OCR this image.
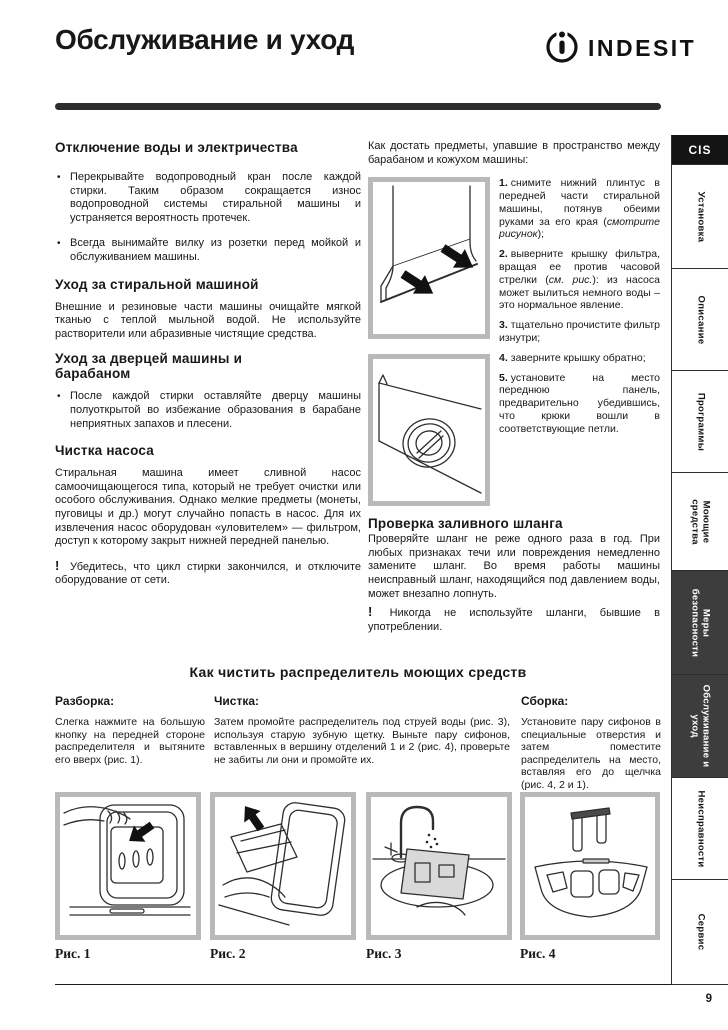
Обслуживание и уход	INDESIT
Отключение воды и электричества
• Перекрывайте водопроводный кран после каждой стирки. Таким образом сокращается износ водопроводной системы стиральной машины и устраняется вероятность протечек.
• Всегда вынимайте вилку из розетки перед мойкой и обслуживанием машины.
Уход за стиральной машиной

Внешние и резиновые части машины очищайте мягкой тканью с теплой мыльной водой. Не используйте растворители или абразивные чистящие средства.

Уход за дверцей машины и барабаном
• После каждой стирки оставляйте дверцу машины полуоткрытой во избежание образования в барабане неприятных запахов и плесени.
Чистка насоса

Стиральная машина имеет сливной насос самоочищающегося типа, который не требует очистки или особого обслуживания. Однако мелкие предметы (монеты, пуговицы и др.) могут случайно попасть в насос. Для их извлечения насос оборудован «уловителем» — фильтром, доступ к которому закрыт нижней передней панелью.

! Убедитесь, что цикл стирки закончился, и отключите оборудование от сети.

Как достать предметы, упавшие в пространство между барабаном и кожухом машины:

1. снимите нижний плинтус в передней части стиральной машины, потянув обеими руками за его края (смотрите рисунок);

2. выверните крышку фильтра, вращая ее против часовой стрелки (см. рис.): из насоса может вылиться немного воды – это нормальное явление.

3. тщательно прочистите фильтр изнутри;

4. заверните крышку обратно;

5. установите на место переднюю панель, предварительно убедившись, что крюки вошли в соответствующие петли.

Проверка заливного шланга

Проверяйте шланг не реже одного раза в год. При любых признаках течи или повреждения немедленно замените шланг. Во время работы машины неисправный шланг, находящийся под давлением воды, может внезапно лопнуть.

! Никогда не используйте шланги, бывшие в употреблении.

Как чистить распределитель моющих средств
Разборка:

Слегка нажмите на большую кнопку на передней стороне распределителя и вытяните его вверх (рис. 1).

Чистка:

Затем промойте распределитель под струей воды (рис. 3), используя старую зубную щетку. Выньте пару сифонов, вставленных в вершину отделений 1 и 2 (рис. 4), проверьте не забиты ли они и промойте их.

Сборка:

Установите пару сифонов в специальные отверстия и затем поместите распределитель на место, вставляя его до щелчка (рис. 4, 2 и 1).

Рис. 1	Рис. 2	Рис. 3	Рис. 4
9
CIS
Установка
Описание
Программы
Моющие средства
Меры безопасности
Обслуживание и уход
Неисправности
Сервис
